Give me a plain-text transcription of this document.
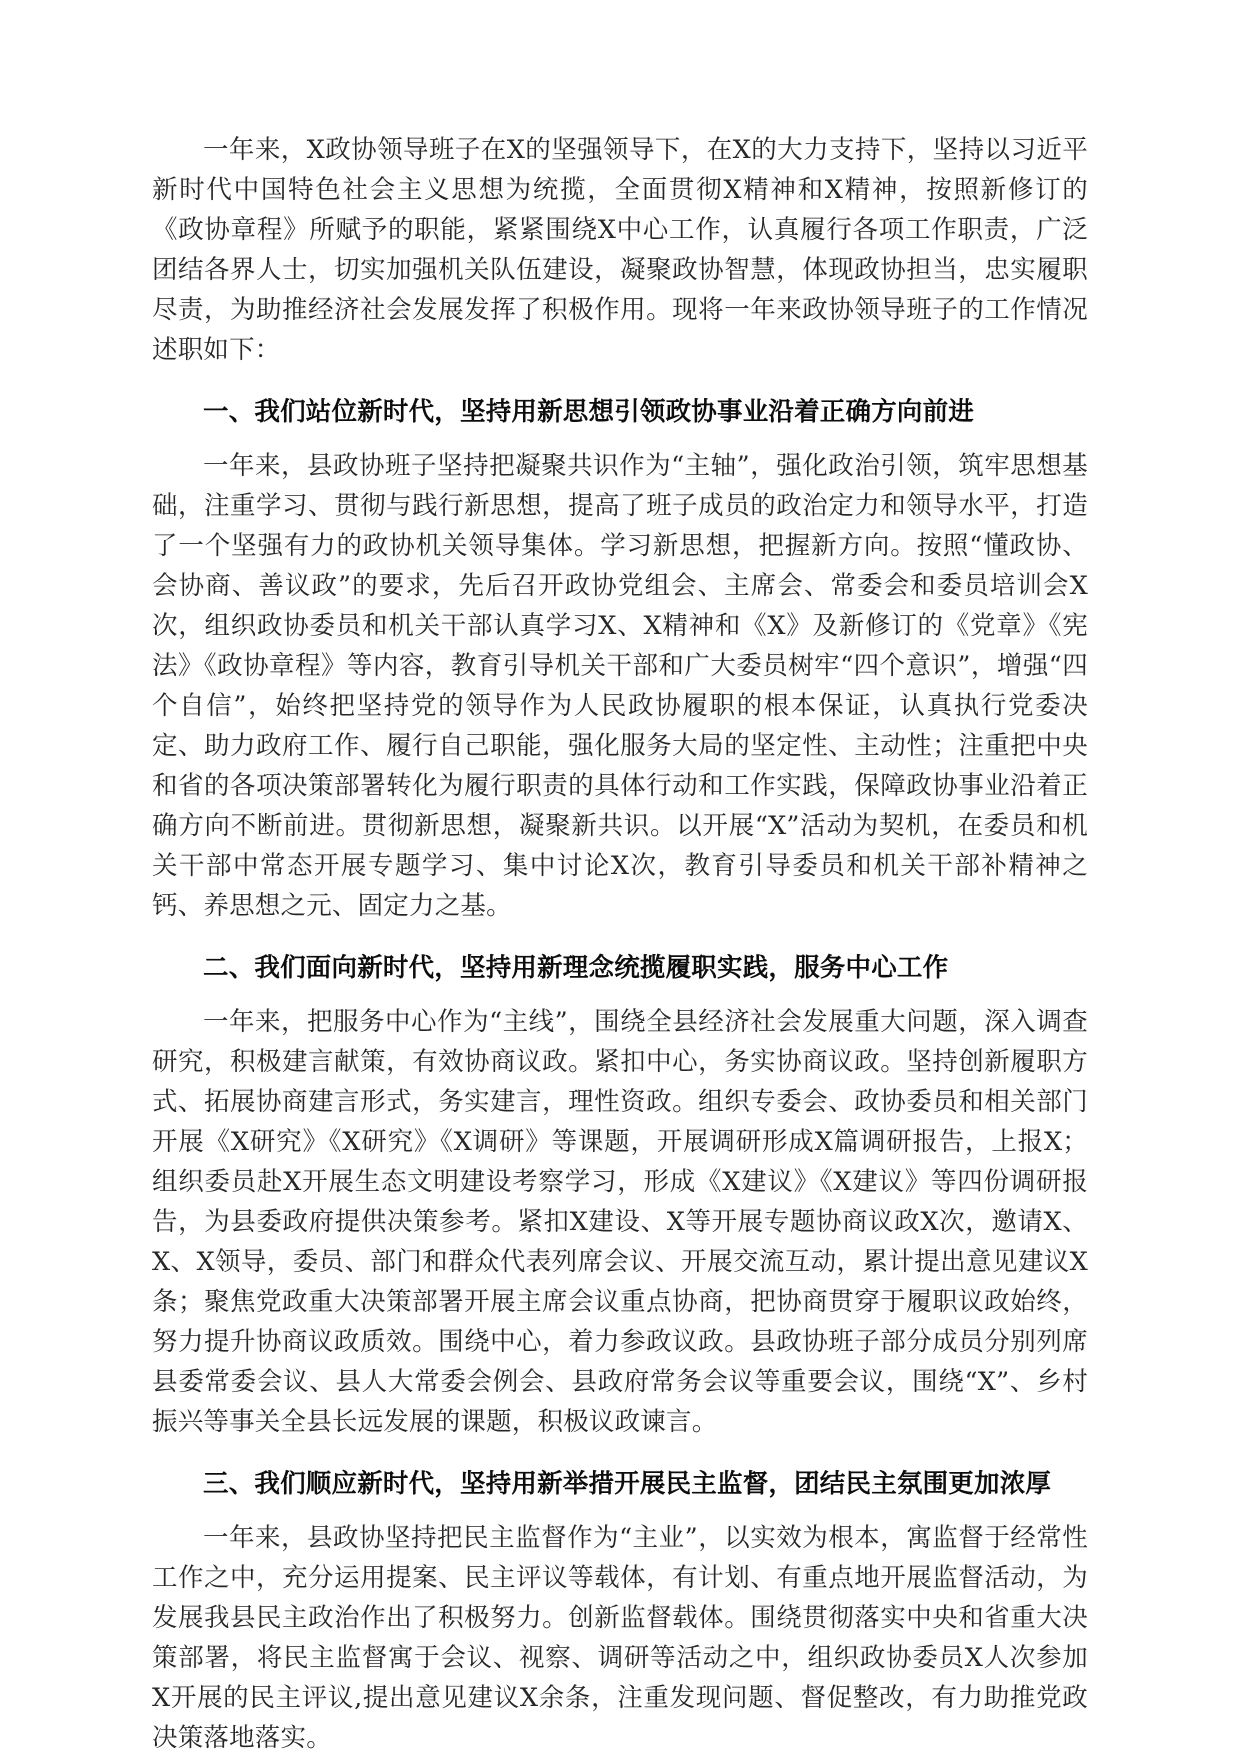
一年来，X政协领导班子在X的坚强领导下，在X的大力支持下，坚持以习近平新时代中国特色社会主义思想为统揽，全面贯彻X精神和X精神，按照新修订的《政协章程》所赋予的职能，紧紧围绕X中心工作，认真履行各项工作职责，广泛团结各界人士，切实加强机关队伍建设，凝聚政协智慧，体现政协担当，忠实履职尽责，为助推经济社会发展发挥了积极作用。现将一年来政协领导班子的工作情况述职如下：

一、我们站位新时代，坚持用新思想引领政协事业沿着正确方向前进

一年来，县政协班子坚持把凝聚共识作为“主轴”，强化政治引领，筑牢思想基础，注重学习、贯彻与践行新思想，提高了班子成员的政治定力和领导水平，打造了一个坚强有力的政协机关领导集体。学习新思想，把握新方向。按照“懂政协、会协商、善议政”的要求，先后召开政协党组会、主席会、常委会和委员培训会X次，组织政协委员和机关干部认真学习X、X精神和《X》及新修订的《党章》《宪法》《政协章程》等内容，教育引导机关干部和广大委员树牢“四个意识”，增强“四个自信”，始终把坚持党的领导作为人民政协履职的根本保证，认真执行党委决定、助力政府工作、履行自己职能，强化服务大局的坚定性、主动性；注重把中央和省的各项决策部署转化为履行职责的具体行动和工作实践，保障政协事业沿着正确方向不断前进。贯彻新思想，凝聚新共识。以开展“X”活动为契机，在委员和机关干部中常态开展专题学习、集中讨论X次，教育引导委员和机关干部补精神之钙、养思想之元、固定力之基。

二、我们面向新时代，坚持用新理念统揽履职实践，服务中心工作

一年来，把服务中心作为“主线”，围绕全县经济社会发展重大问题，深入调查研究，积极建言献策，有效协商议政。紧扣中心，务实协商议政。坚持创新履职方式、拓展协商建言形式，务实建言，理性资政。组织专委会、政协委员和相关部门开展《X研究》《X研究》《X调研》等课题，开展调研形成X篇调研报告，上报X；组织委员赴X开展生态文明建设考察学习，形成《X建议》《X建议》等四份调研报告，为县委政府提供决策参考。紧扣X建设、X等开展专题协商议政X次，邀请X、X、X领导，委员、部门和群众代表列席会议、开展交流互动，累计提出意见建议X条；聚焦党政重大决策部署开展主席会议重点协商，把协商贯穿于履职议政始终，努力提升协商议政质效。围绕中心，着力参政议政。县政协班子部分成员分别列席县委常委会议、县人大常委会例会、县政府常务会议等重要会议，围绕“X”、乡村振兴等事关全县长远发展的课题，积极议政谏言。

三、我们顺应新时代，坚持用新举措开展民主监督，团结民主氛围更加浓厚

一年来，县政协坚持把民主监督作为“主业”，以实效为根本，寓监督于经常性工作之中，充分运用提案、民主评议等载体，有计划、有重点地开展监督活动，为发展我县民主政治作出了积极努力。创新监督载体。围绕贯彻落实中央和省重大决策部署，将民主监督寓于会议、视察、调研等活动之中，组织政协委员X人次参加X开展的民主评议,提出意见建议X余条，注重发现问题、督促整改，有力助推党政决策落地落实。
